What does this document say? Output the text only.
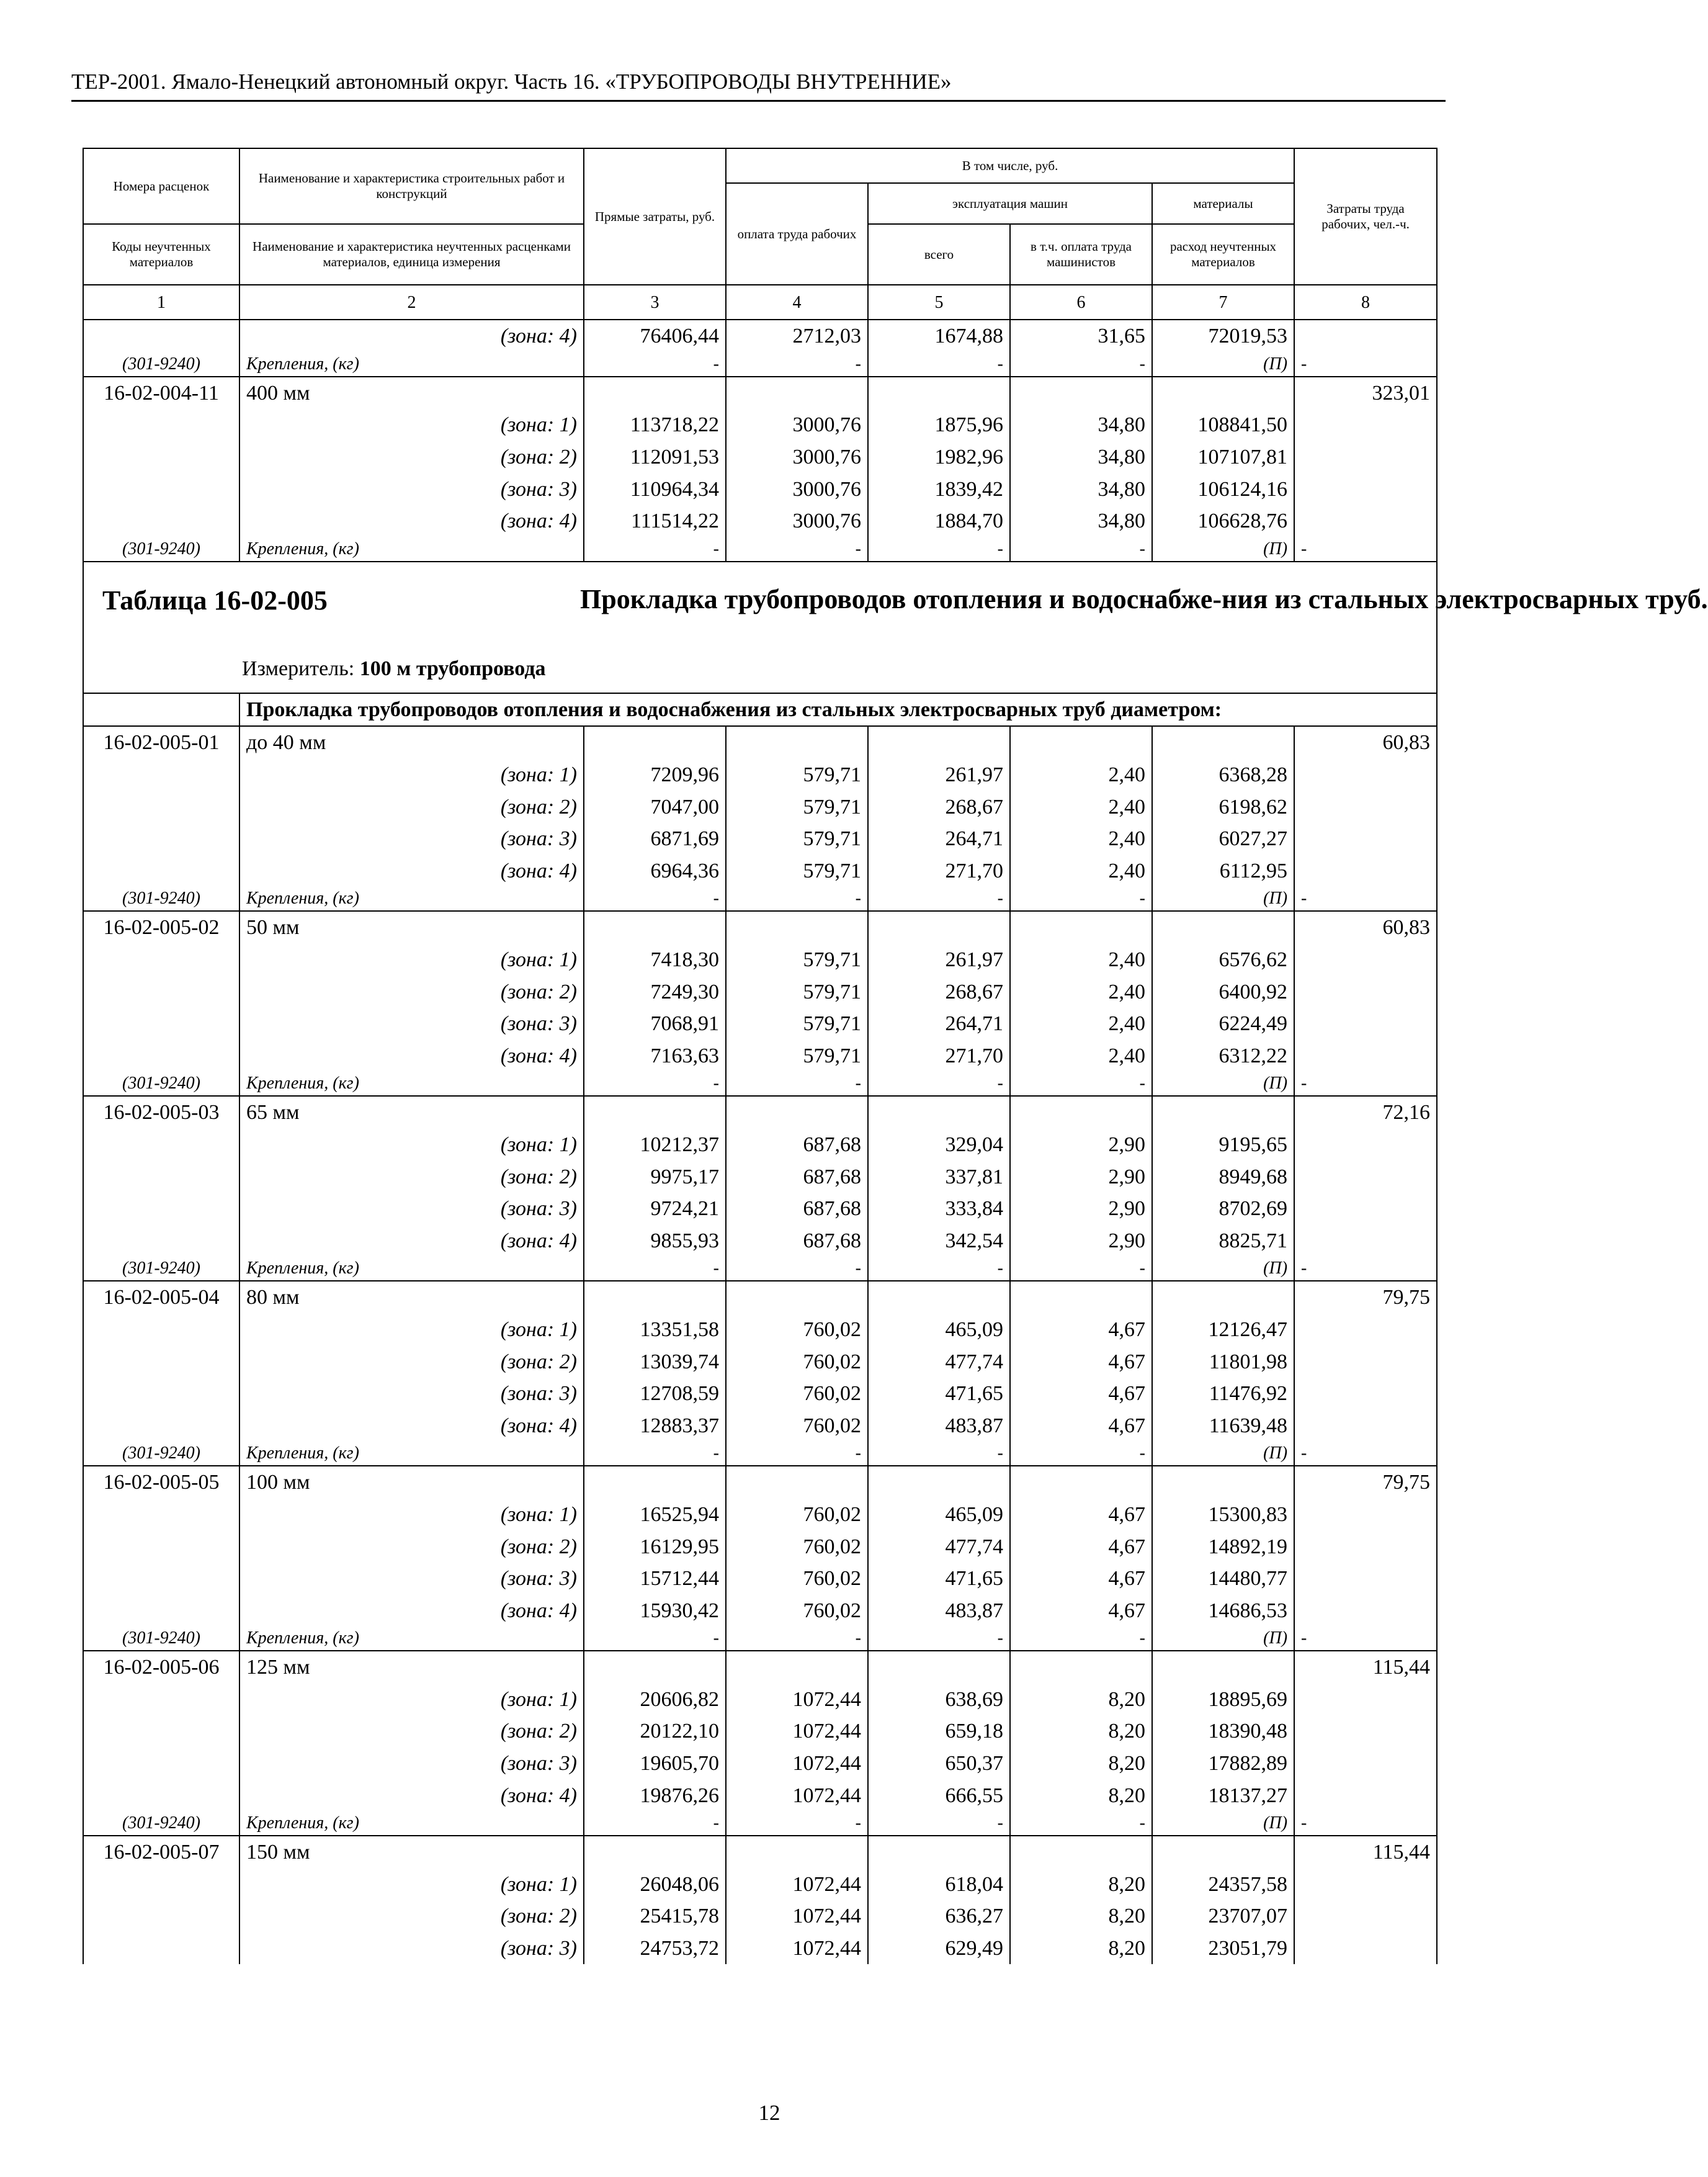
ТЕР-2001. Ямало-Ненецкий автономный округ. Часть 16. «ТРУБОПРОВОДЫ ВНУТРЕННИЕ»
Номера расценок	Наименование и характеристика строительных работ и конструкций	Прямые затраты, руб.	В том числе, руб.				Затраты труда рабочих, чел.-ч.
			оплата труда рабочих	эксплуатация машин		материалы	
Коды неучтенных материалов	Наименование и характеристика неучтенных расценками материалов, единица измерения			всего	в т.ч. оплата труда машинистов	расход неучтенных материалов	
1	2	3	4	5	6	7	8
	(зона: 4)	76406,44	2712,03	1674,88	31,65	72019,53	
(301-9240)	Крепления, (кг)	-	-	-	-	(П)	-
16-02-004-11	400 мм						323,01
	(зона: 1)	113718,22	3000,76	1875,96	34,80	108841,50	
	(зона: 2)	112091,53	3000,76	1982,96	34,80	107107,81	
	(зона: 3)	110964,34	3000,76	1839,42	34,80	106124,16	
	(зона: 4)	111514,22	3000,76	1884,70	34,80	106628,76	
(301-9240)	Крепления, (кг)	-	-	-	-	(П)	-

Таблица 16-02-005 Прокладка трубопроводов отопления и водоснабже-ния из стальных электросварных труб.
Измеритель: 100 м трубопровода							

	Прокладка трубопроводов отопления и водоснабжения из стальных электросварных труб диаметром:						
16-02-005-01	до 40 мм						60,83
	(зона: 1)	7209,96	579,71	261,97	2,40	6368,28	
	(зона: 2)	7047,00	579,71	268,67	2,40	6198,62	
	(зона: 3)	6871,69	579,71	264,71	2,40	6027,27	
	(зона: 4)	6964,36	579,71	271,70	2,40	6112,95	
(301-9240)	Крепления, (кг)	-	-	-	-	(П)	-
16-02-005-02	50 мм						60,83
	(зона: 1)	7418,30	579,71	261,97	2,40	6576,62	
	(зона: 2)	7249,30	579,71	268,67	2,40	6400,92	
	(зона: 3)	7068,91	579,71	264,71	2,40	6224,49	
	(зона: 4)	7163,63	579,71	271,70	2,40	6312,22	
(301-9240)	Крепления, (кг)	-	-	-	-	(П)	-
16-02-005-03	65 мм						72,16
	(зона: 1)	10212,37	687,68	329,04	2,90	9195,65	
	(зона: 2)	9975,17	687,68	337,81	2,90	8949,68	
	(зона: 3)	9724,21	687,68	333,84	2,90	8702,69	
	(зона: 4)	9855,93	687,68	342,54	2,90	8825,71	
(301-9240)	Крепления, (кг)	-	-	-	-	(П)	-
16-02-005-04	80 мм						79,75
	(зона: 1)	13351,58	760,02	465,09	4,67	12126,47	
	(зона: 2)	13039,74	760,02	477,74	4,67	11801,98	
	(зона: 3)	12708,59	760,02	471,65	4,67	11476,92	
	(зона: 4)	12883,37	760,02	483,87	4,67	11639,48	
(301-9240)	Крепления, (кг)	-	-	-	-	(П)	-
16-02-005-05	100 мм						79,75
	(зона: 1)	16525,94	760,02	465,09	4,67	15300,83	
	(зона: 2)	16129,95	760,02	477,74	4,67	14892,19	
	(зона: 3)	15712,44	760,02	471,65	4,67	14480,77	
	(зона: 4)	15930,42	760,02	483,87	4,67	14686,53	
(301-9240)	Крепления, (кг)	-	-	-	-	(П)	-
16-02-005-06	125 мм						115,44
	(зона: 1)	20606,82	1072,44	638,69	8,20	18895,69	
	(зона: 2)	20122,10	1072,44	659,18	8,20	18390,48	
	(зона: 3)	19605,70	1072,44	650,37	8,20	17882,89	
	(зона: 4)	19876,26	1072,44	666,55	8,20	18137,27	
(301-9240)	Крепления, (кг)	-	-	-	-	(П)	-
16-02-005-07	150 мм						115,44
	(зона: 1)	26048,06	1072,44	618,04	8,20	24357,58	
	(зона: 2)	25415,78	1072,44	636,27	8,20	23707,07	
	(зона: 3)	24753,72	1072,44	629,49	8,20	23051,79	
12
